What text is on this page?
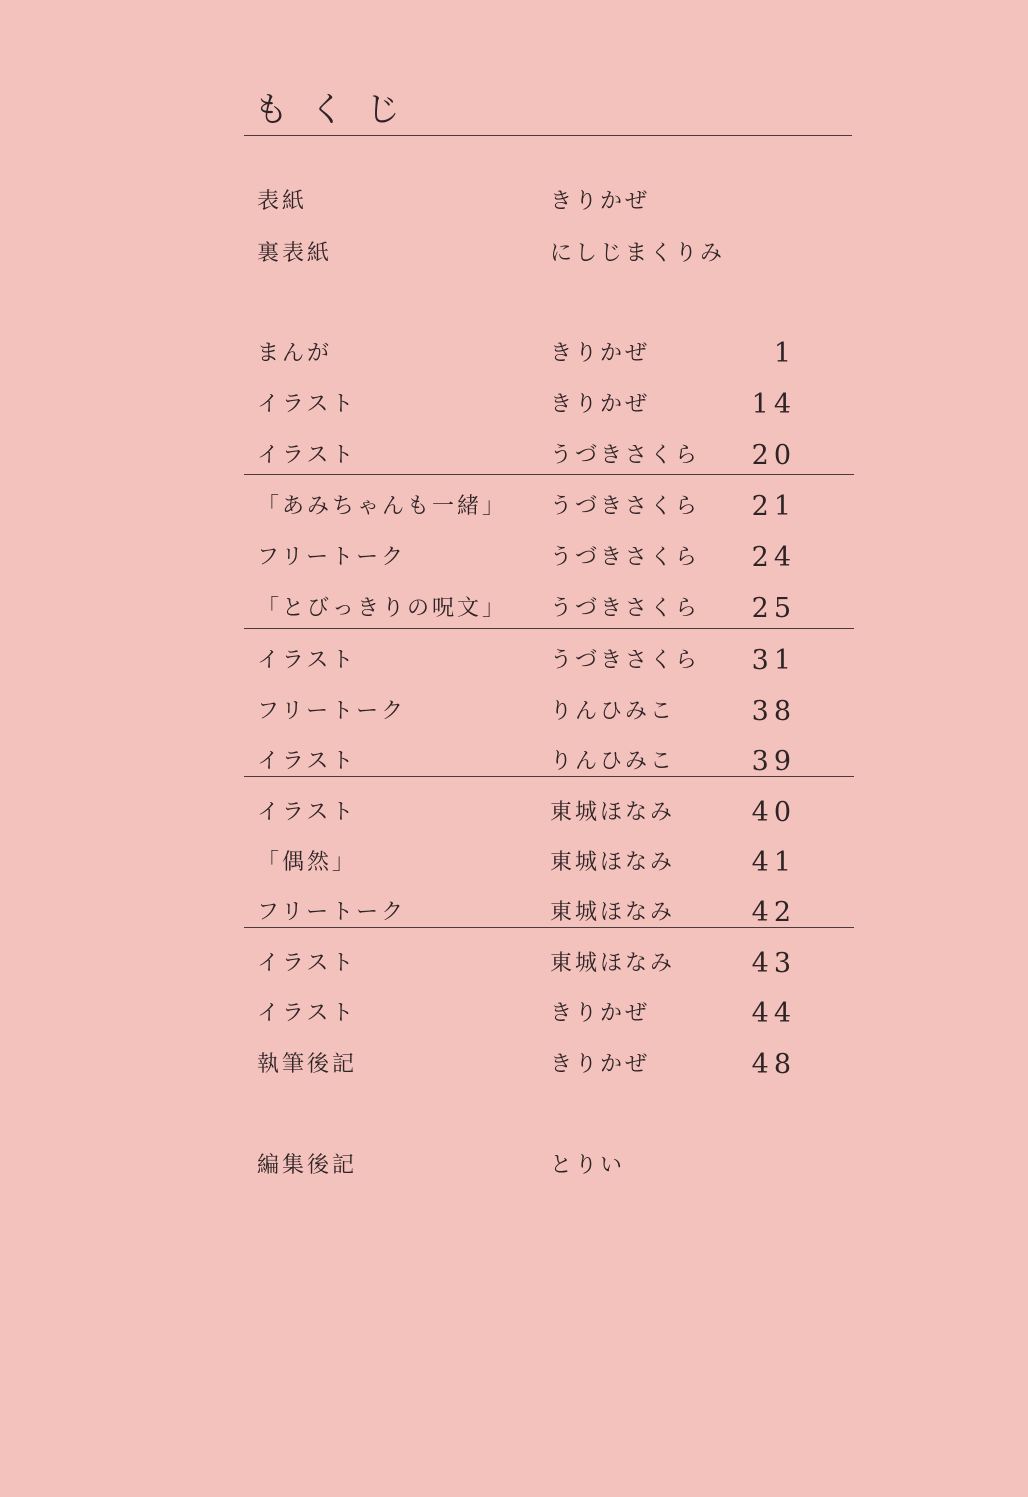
もくじ
表紙	きりかぜ
裏表紙	にしじまくりみ
まんが	きりかぜ	1
イラスト	きりかぜ	14
イラスト	うづきさくら 20
「あみちゃんも一緒」 うづきさくら 21
フリートーク	うづきさくら 24
「とびっきりの呪文」 うづきさくら 25
イラスト	うづきさくら 31
フリートーク	りんひみこ	38
イラスト	りんひみこ	39
イラスト	東城ほなみ	40
「偶然」	東城ほなみ	41
フリートーク	東城ほなみ	42
イラスト	東城ほなみ	43
イラスト	きりかぜ	44
執筆後記	きりかぜ	48
編集後記	とりい
